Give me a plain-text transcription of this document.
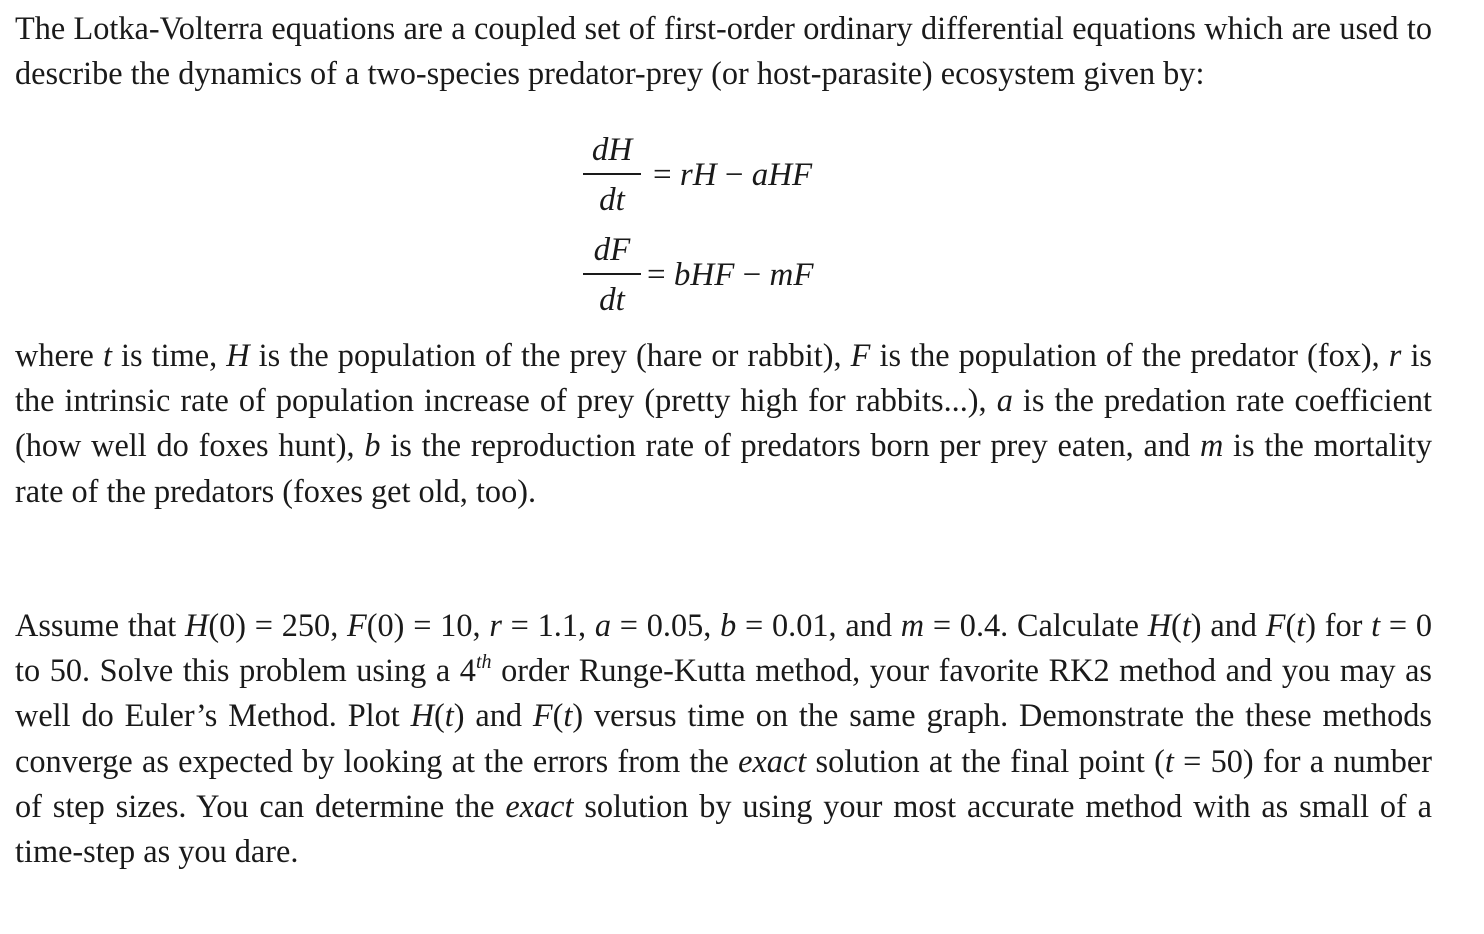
The Lotka-Volterra equations are a coupled set of first-order ordinary differential equations which are used to describe the dynamics of a two-species predator-prey (or host-parasite) ecosystem given by:

dH
dt
= rH − aHF
dF
dt
= bHF − mF

where t is time, H is the population of the prey (hare or rabbit), F is the population of the predator (fox), r is the intrinsic rate of population increase of prey (pretty high for rabbits...), a is the predation rate coefficient (how well do foxes hunt), b is the reproduction rate of predators born per prey eaten, and m is the mortality rate of the predators (foxes get old, too).

Assume that H(0) = 250, F(0) = 10, r = 1.1, a = 0.05, b = 0.01, and m = 0.4. Calculate H(t) and F(t) for t = 0 to 50. Solve this problem using a 4th order Runge-Kutta method, your favorite RK2 method and you may as well do Euler’s Method. Plot H(t) and F(t) versus time on the same graph. Demonstrate the these methods converge as expected by looking at the errors from the exact solution at the final point (t = 50) for a number of step sizes. You can determine the exact solution by using your most accurate method with as small of a time-step as you dare.
